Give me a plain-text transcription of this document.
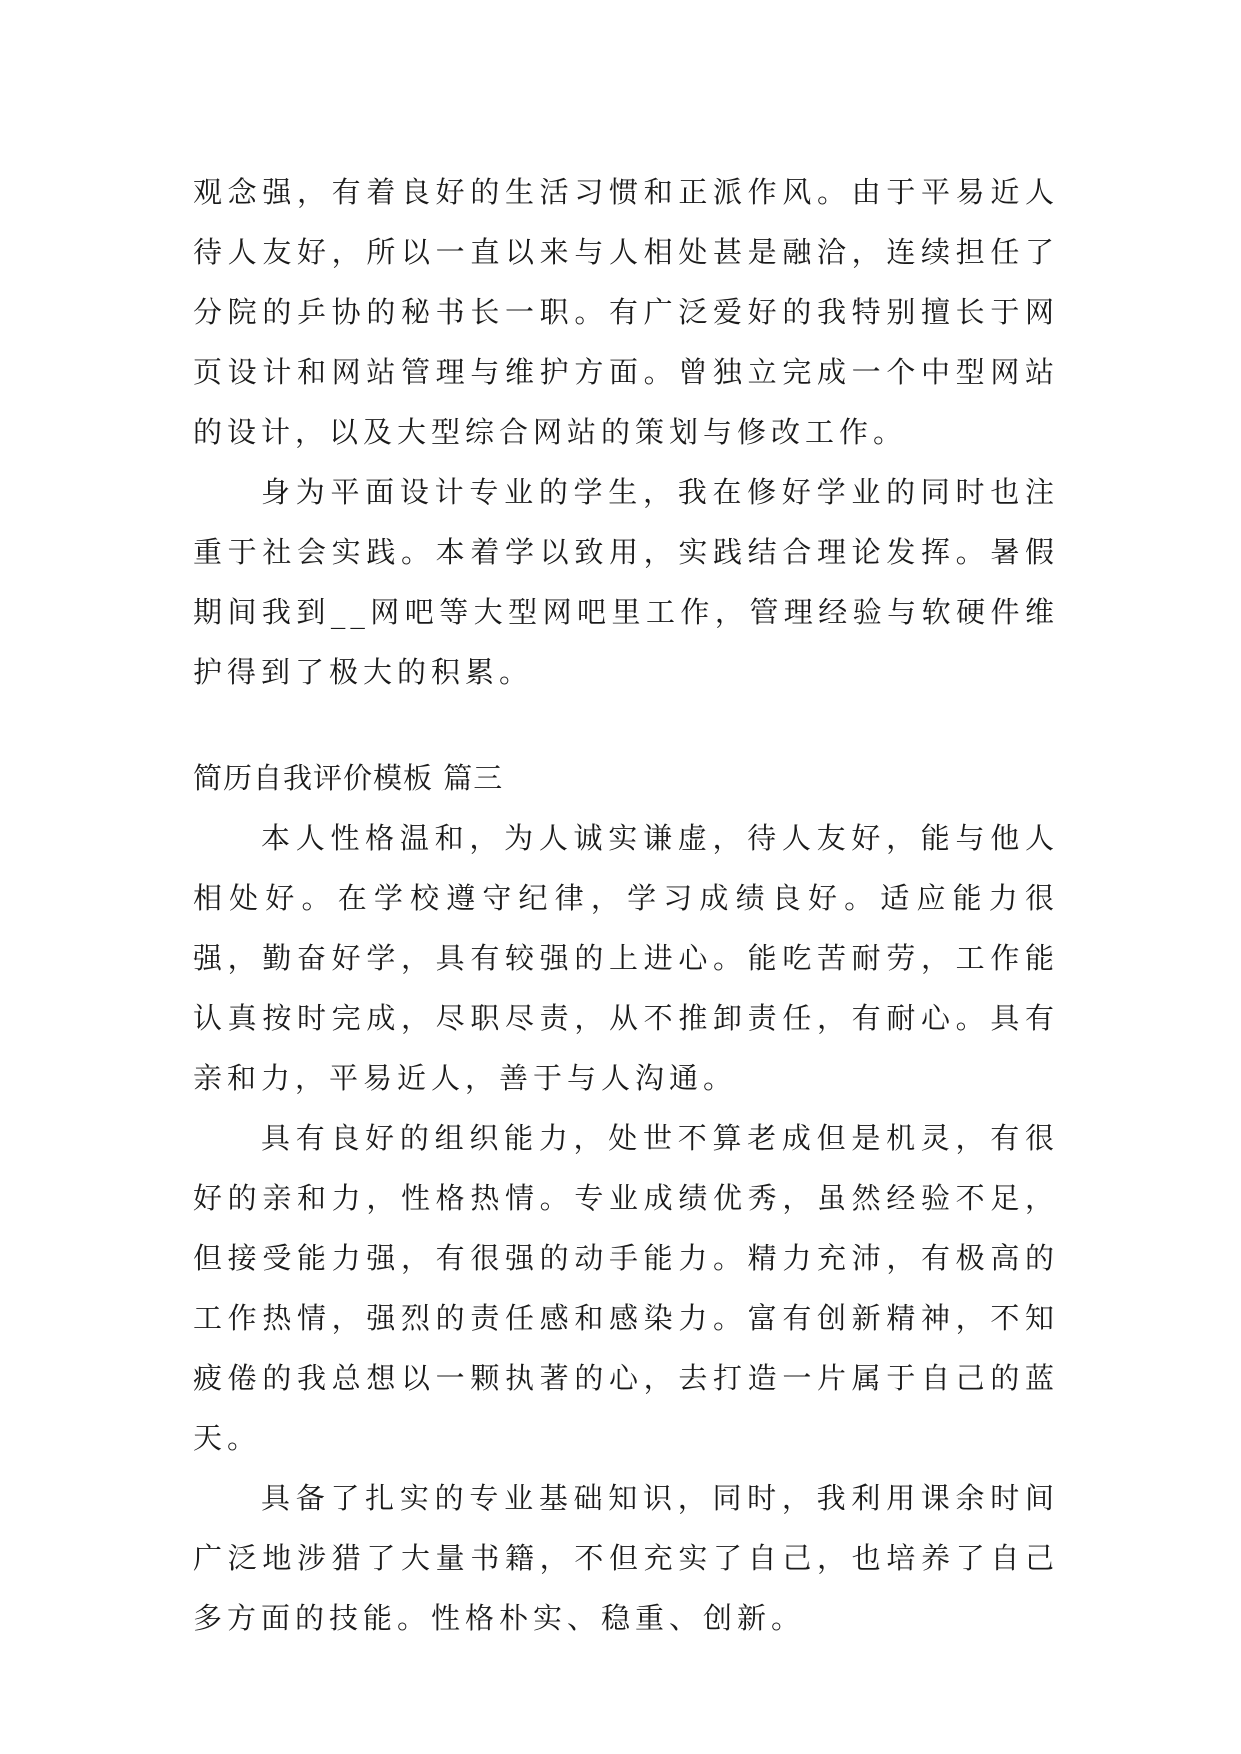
观念强，有着良好的生活习惯和正派作风。由于平易近人待人友好，所以一直以来与人相处甚是融洽，连续担任了分院的乒协的秘书长一职。有广泛爱好的我特别擅长于网页设计和网站管理与维护方面。曾独立完成一个中型网站的设计，以及大型综合网站的策划与修改工作。

身为平面设计专业的学生，我在修好学业的同时也注重于社会实践。本着学以致用，实践结合理论发挥。暑假期间我到__网吧等大型网吧里工作，管理经验与软硬件维护得到了极大的积累。

简历自我评价模板 篇三

本人性格温和，为人诚实谦虚，待人友好，能与他人相处好。在学校遵守纪律，学习成绩良好。适应能力很强，勤奋好学，具有较强的上进心。能吃苦耐劳，工作能认真按时完成，尽职尽责，从不推卸责任，有耐心。具有亲和力，平易近人，善于与人沟通。

具有良好的组织能力，处世不算老成但是机灵，有很好的亲和力，性格热情。专业成绩优秀，虽然经验不足，但接受能力强，有很强的动手能力。精力充沛，有极高的工作热情，强烈的责任感和感染力。富有创新精神，不知疲倦的我总想以一颗执著的心，去打造一片属于自己的蓝天。

具备了扎实的专业基础知识，同时，我利用课余时间广泛地涉猎了大量书籍，不但充实了自己，也培养了自己多方面的技能。性格朴实、稳重、创新。
